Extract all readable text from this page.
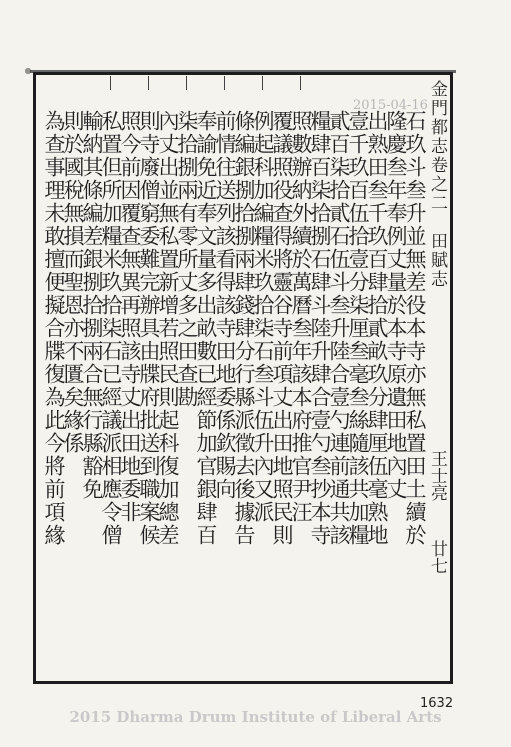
2015-04-16 金門都志卷之二　田賦志
王士亮
廿七
石玖斗叁升並無差役本寺亦無私置田土續於
隆慶叁年奉例丈量於本寺原遺田地內丈
出熟田叁千玖百肆拾貳畝玖分肆厘伍毫熟地
壹千玖百伍拾壹分柒厘叁毫叁絲隨該共加糧
貳百柒拾貳石伍斗叁升陸合壹勺連前通共該
糧肆百柒拾捌石肆斗陸升肆合壹勺叁抄本寺
照數辦納外續於萬曆叁年該本府推官尹汪
覆議照役查得將靈谷寺前項丈出田地照民則
例起科加編糧米玖拾柒石叁斗伍升內又派
條編銀捌拾捌兩肆錢肆分行縣派徵去後據告
前情往送列該看得該寺田地委係欽賜向
奉諭免近奉文量多出畝數已經節加官銀肆百
柒拾捌兩有零所丈多之田查勘
內丈出並無私置新增若照民則起科復加總差
則寺廢僧窮委難完辦具由牒府批送到職案候
照今前因覆查無異再照該寺丈出田地委非
私置但所加糧米玖拾柒石已經議派相應令僧
輸納其條編差銀捌拾捌兩合無行縣豁免
則於國稅無損而聖恩亦不匱矣緣係
為查事理未敢擅便擬合牒復為此今將前項緣
1632
2015 Dharma Drum Institute of Liberal Arts
